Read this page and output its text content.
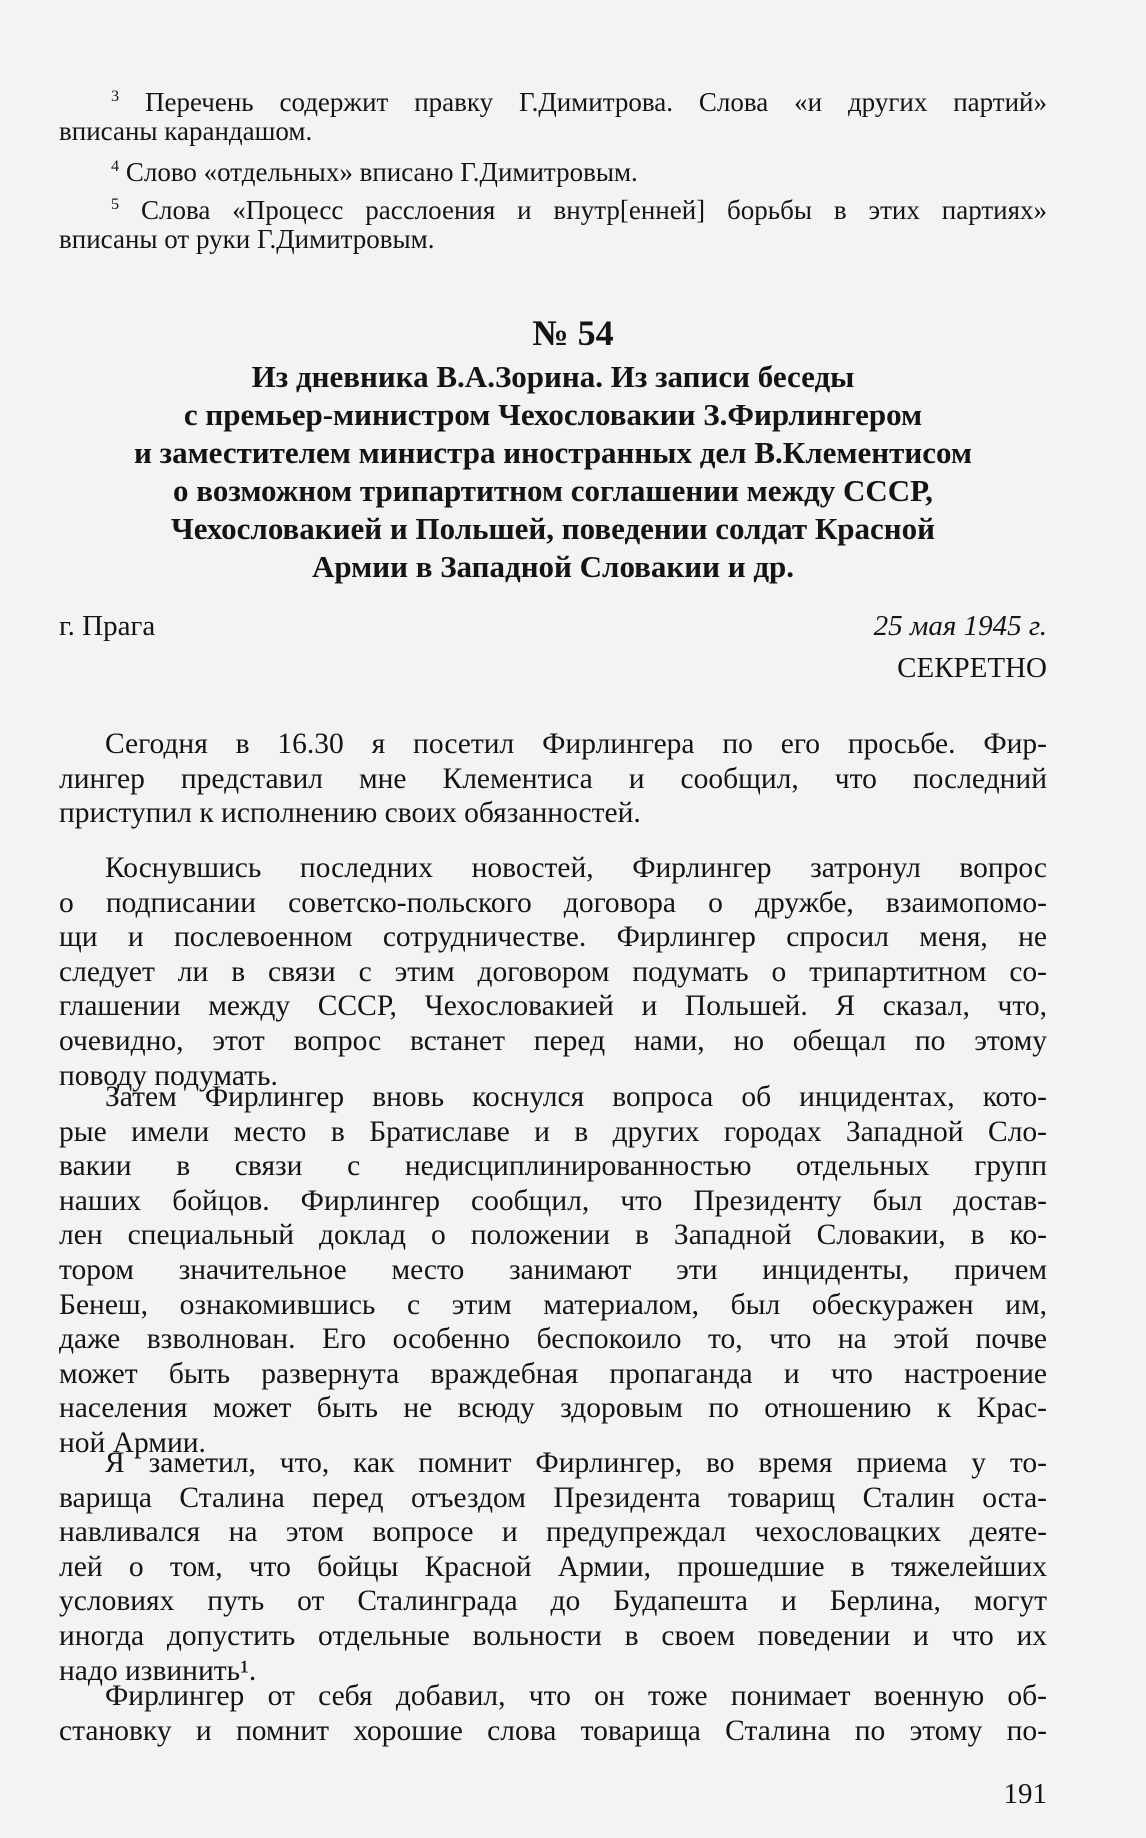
$^3$ Перечень содержит правку Г.Димитрова. Слова «и других партий»
вписаны карандашом.
$^4$ Слово «отдельных» вписано Г.Димитровым.
$^5$ Слова «Процесс расслоения и внутр[енней] борьбы в этих партиях»
вписаны от руки Г.Димитровым.
№ 54
Из дневника В.А.Зорина. Из записи беседы
с премьер-министром Чехословакии З.Фирлингером
и заместителем министра иностранных дел В.Клементисом
о возможном трипартитном соглашении между СССР,
Чехословакией и Польшей, поведении солдат Красной
Армии в Западной Словакии и др.
г. Прага	25 мая 1945 г.
СЕКРЕТНО
Сегодня в 16.30 я посетил Фирлингера по его просьбе. Фир-
лингер представил мне Клементиса и сообщил, что последний
приступил к исполнению своих обязанностей.
Коснувшись последних новостей, Фирлингер затронул вопрос
о подписании советско-польского договора о дружбе, взаимопомо-
щи и послевоенном сотрудничестве. Фирлингер спросил меня, не
следует ли в связи с этим договором подумать о трипартитном со-
глашении между СССР, Чехословакией и Польшей. Я сказал, что,
очевидно, этот вопрос встанет перед нами, но обещал по этому
поводу подумать.
Затем Фирлингер вновь коснулся вопроса об инцидентах, кото-
рые имели место в Братиславе и в других городах Западной Сло-
вакии в связи с недисциплинированностью отдельных групп
наших бойцов. Фирлингер сообщил, что Президенту был достав-
лен специальный доклад о положении в Западной Словакии, в ко-
тором значительное место занимают эти инциденты, причем
Бенеш, ознакомившись с этим материалом, был обескуражен им,
даже взволнован. Его особенно беспокоило то, что на этой почве
может быть развернута враждебная пропаганда и что настроение
населения может быть не всюду здоровым по отношению к Крас-
ной Армии.
Я заметил, что, как помнит Фирлингер, во время приема у то-
варища Сталина перед отъездом Президента товарищ Сталин оста-
навливался на этом вопросе и предупреждал чехословацких деяте-
лей о том, что бойцы Красной Армии, прошедшие в тяжелейших
условиях путь от Сталинграда до Будапешта и Берлина, могут
иногда допустить отдельные вольности в своем поведении и что их
надо извинить¹.
Фирлингер от себя добавил, что он тоже понимает военную об-
становку и помнит хорошие слова товарища Сталина по этому по-
191
